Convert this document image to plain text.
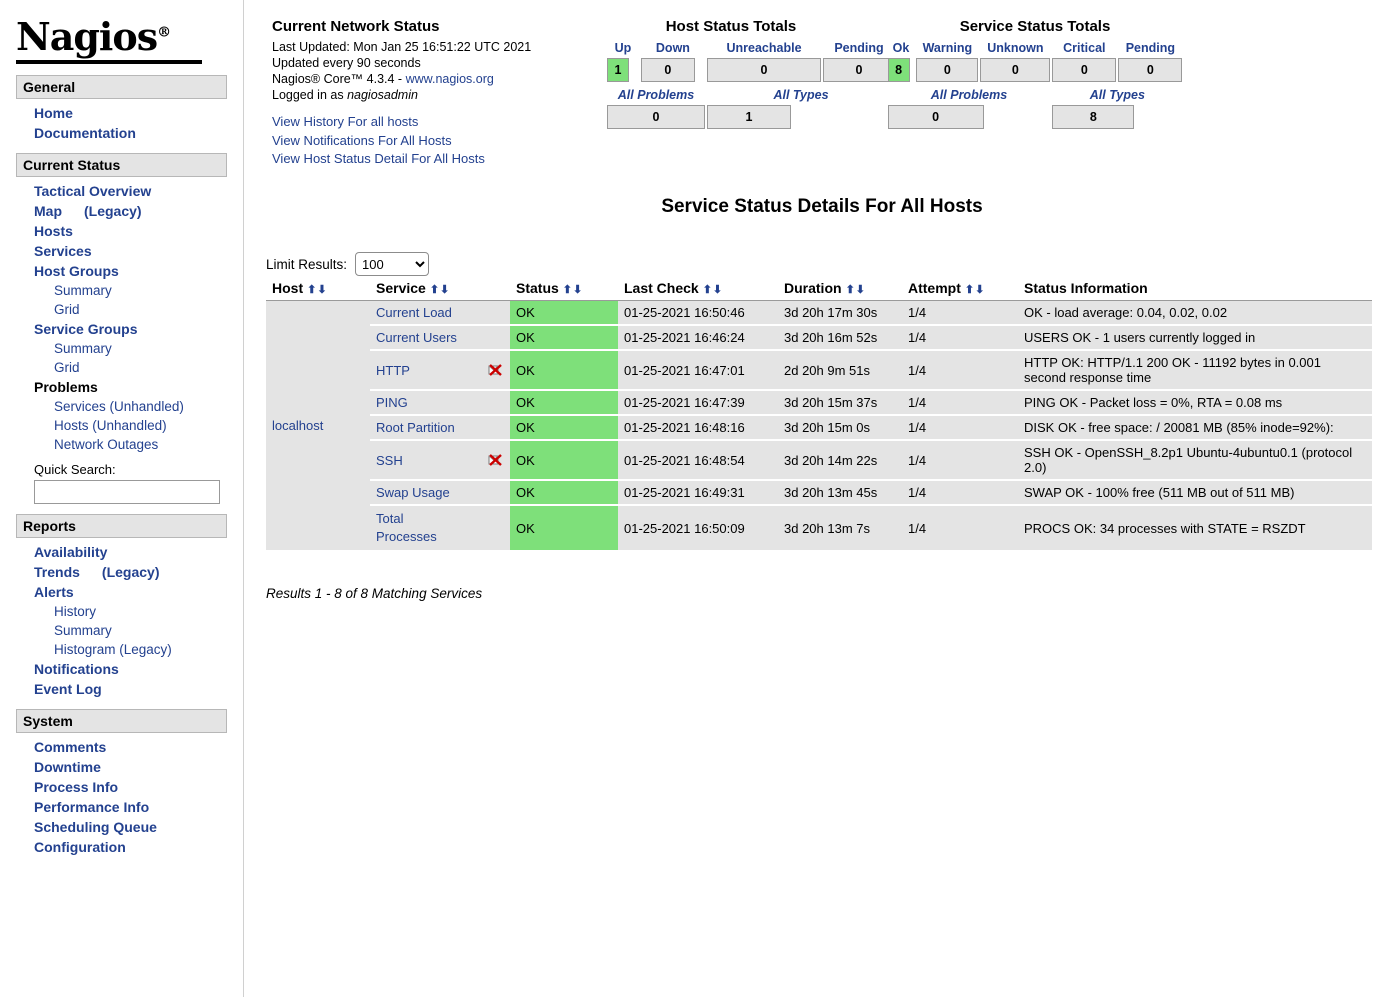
Nagios®
General
Home
Documentation
Current Status
Tactical Overview
Map (Legacy)
Hosts
Services
Host Groups
Summary
Grid
Service Groups
Summary
Grid
Problems
Services (Unhandled)
Hosts (Unhandled)
Network Outages
Quick Search:
Reports
Availability
Trends (Legacy)
Alerts
History
Summary
Histogram (Legacy)
Notifications
Event Log
System
Comments
Downtime
Process Info
Performance Info
Scheduling Queue
Configuration
Current Network Status
Last Updated: Mon Jan 25 16:51:22 UTC 2021
Updated every 90 seconds
Nagios® Core™ 4.3.4 - www.nagios.org
Logged in as nagiosadmin
View History For all hosts
View Notifications For All Hosts
View Host Status Detail For All Hosts
Host Status Totals
Up	Down	Unreachable	Pending

1	0	0	0

All Problems		All Types	

0		1	
Service Status Totals
Ok	Warning	Unknown	Critical	Pending

8	0	0	0	0

All Problems			All Types	

0			8	
Service Status Details For All Hosts
Limit Results:
100
Host ⬆⬇	Service ⬆⬇	Status ⬆⬇	Last Check ⬆⬇	Duration ⬆⬇	Attempt ⬆⬇	Status Information
localhost	Current Load	OK	01-25-2021 16:50:46	3d 20h 17m 30s	1/4	OK - load average: 0.04, 0.02, 0.02

	Current Users	OK	01-25-2021 16:46:24	3d 20h 16m 52s	1/4	USERS OK - 1 users currently logged in

	HTTP	OK	01-25-2021 16:47:01	2d 20h 9m 51s	1/4	HTTP OK: HTTP/1.1 200 OK - 11192 bytes in 0.001 second response time

	PING	OK	01-25-2021 16:47:39	3d 20h 15m 37s	1/4	PING OK - Packet loss = 0%, RTA = 0.08 ms

	Root Partition	OK	01-25-2021 16:48:16	3d 20h 15m 0s	1/4	DISK OK - free space: / 20081 MB (85% inode=92%):

	SSH	OK	01-25-2021 16:48:54	3d 20h 14m 22s	1/4	SSH OK - OpenSSH_8.2p1 Ubuntu-4ubuntu0.1 (protocol 2.0)

	Swap Usage	OK	01-25-2021 16:49:31	3d 20h 13m 45s	1/4	SWAP OK - 100% free (511 MB out of 511 MB)

	Total Processes	OK	01-25-2021 16:50:09	3d 20h 13m 7s	1/4	PROCS OK: 34 processes with STATE = RSZDT
Results 1 - 8 of 8 Matching Services
